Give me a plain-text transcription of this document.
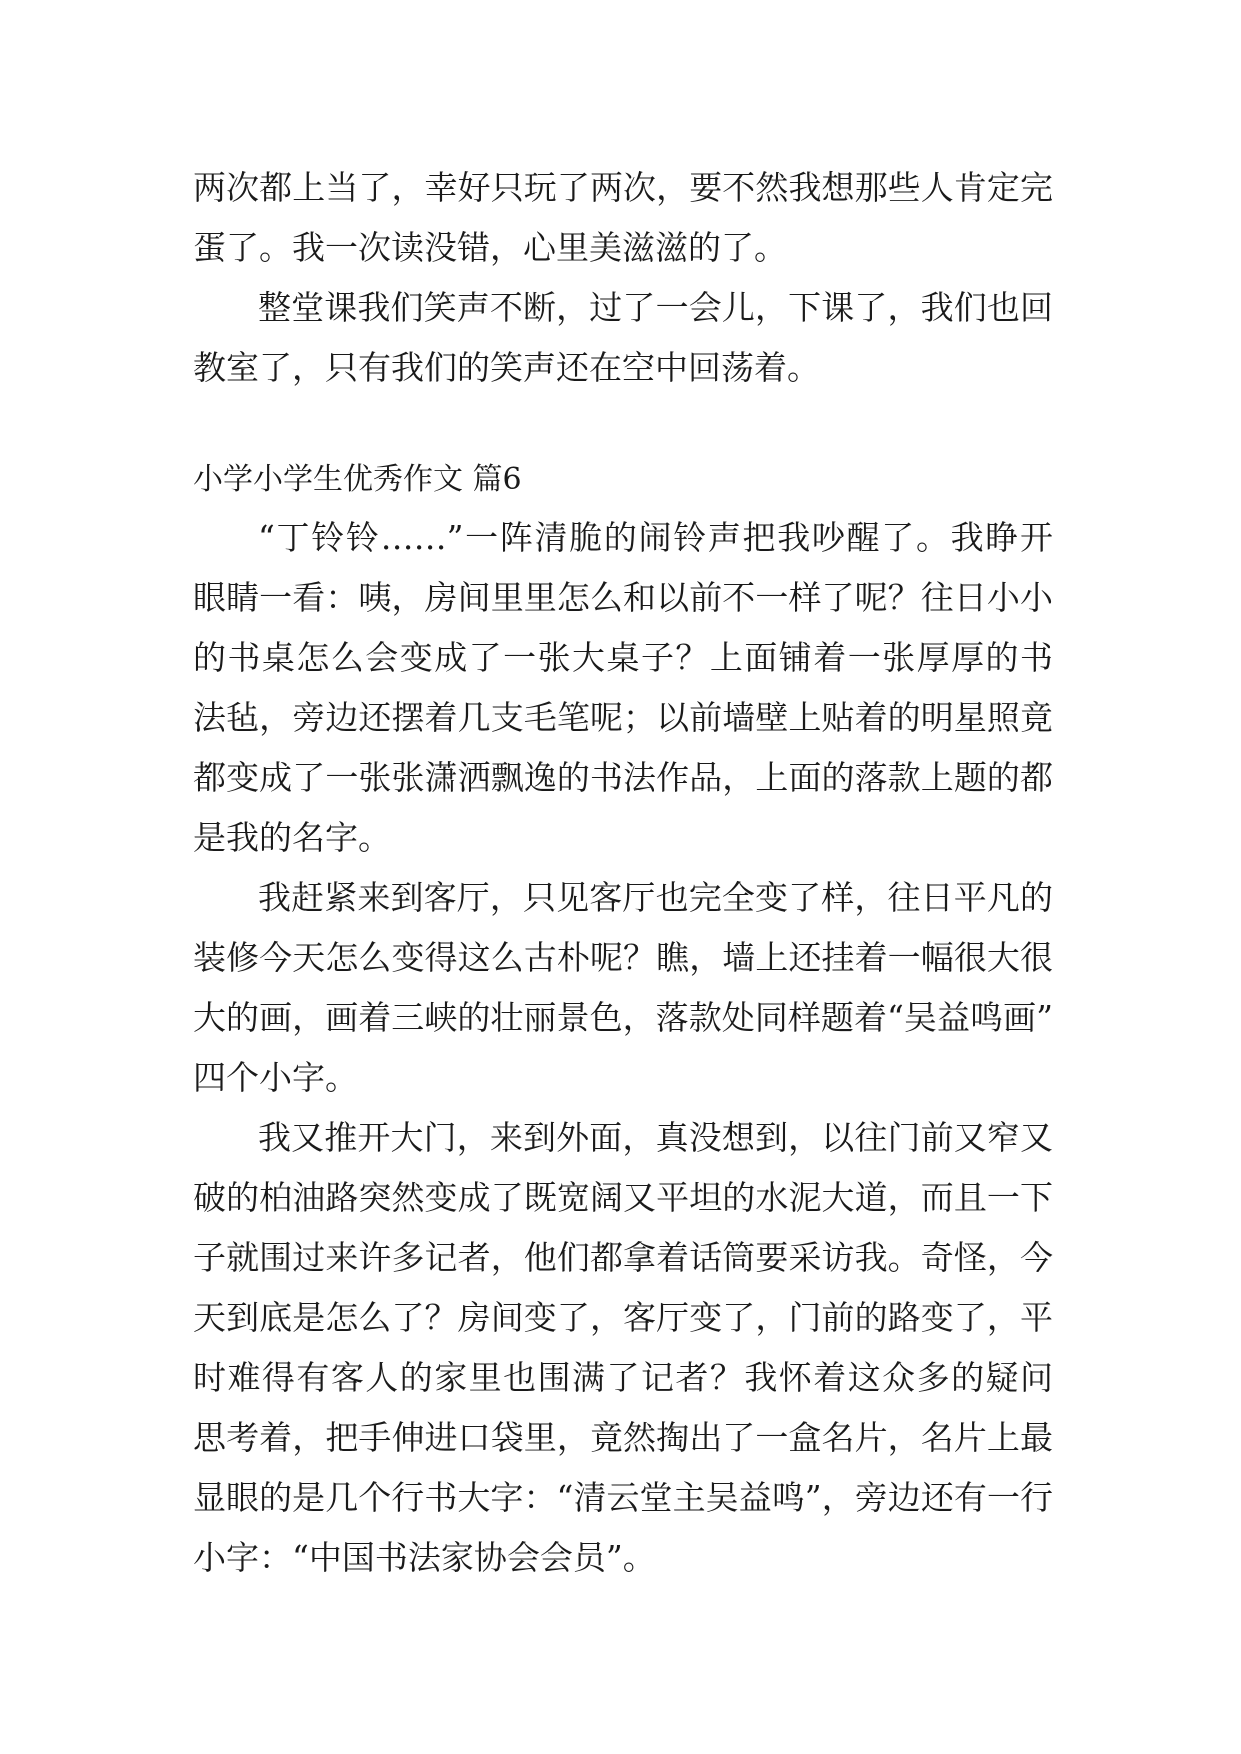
两次都上当了，幸好只玩了两次，要不然我想那些人肯定完
蛋了。我一次读没错，心里美滋滋的了。
整堂课我们笑声不断，过了一会儿，下课了，我们也回
教室了，只有我们的笑声还在空中回荡着。
小学小学生优秀作文 篇6
“丁铃铃……”一阵清脆的闹铃声把我吵醒了。我睁开
眼睛一看：咦，房间里里怎么和以前不一样了呢？往日小小
的书桌怎么会变成了一张大桌子？上面铺着一张厚厚的书
法毡，旁边还摆着几支毛笔呢；以前墙壁上贴着的明星照竟
都变成了一张张潇洒飘逸的书法作品，上面的落款上题的都
是我的名字。
我赶紧来到客厅，只见客厅也完全变了样，往日平凡的
装修今天怎么变得这么古朴呢？瞧，墙上还挂着一幅很大很
大的画，画着三峡的壮丽景色，落款处同样题着“吴益鸣画”
四个小字。
我又推开大门，来到外面，真没想到，以往门前又窄又
破的柏油路突然变成了既宽阔又平坦的水泥大道，而且一下
子就围过来许多记者，他们都拿着话筒要采访我。奇怪，今
天到底是怎么了？房间变了，客厅变了，门前的路变了，平
时难得有客人的家里也围满了记者？我怀着这众多的疑问
思考着，把手伸进口袋里，竟然掏出了一盒名片，名片上最
显眼的是几个行书大字：“清云堂主吴益鸣”，旁边还有一行
小字：“中国书法家协会会员”。
